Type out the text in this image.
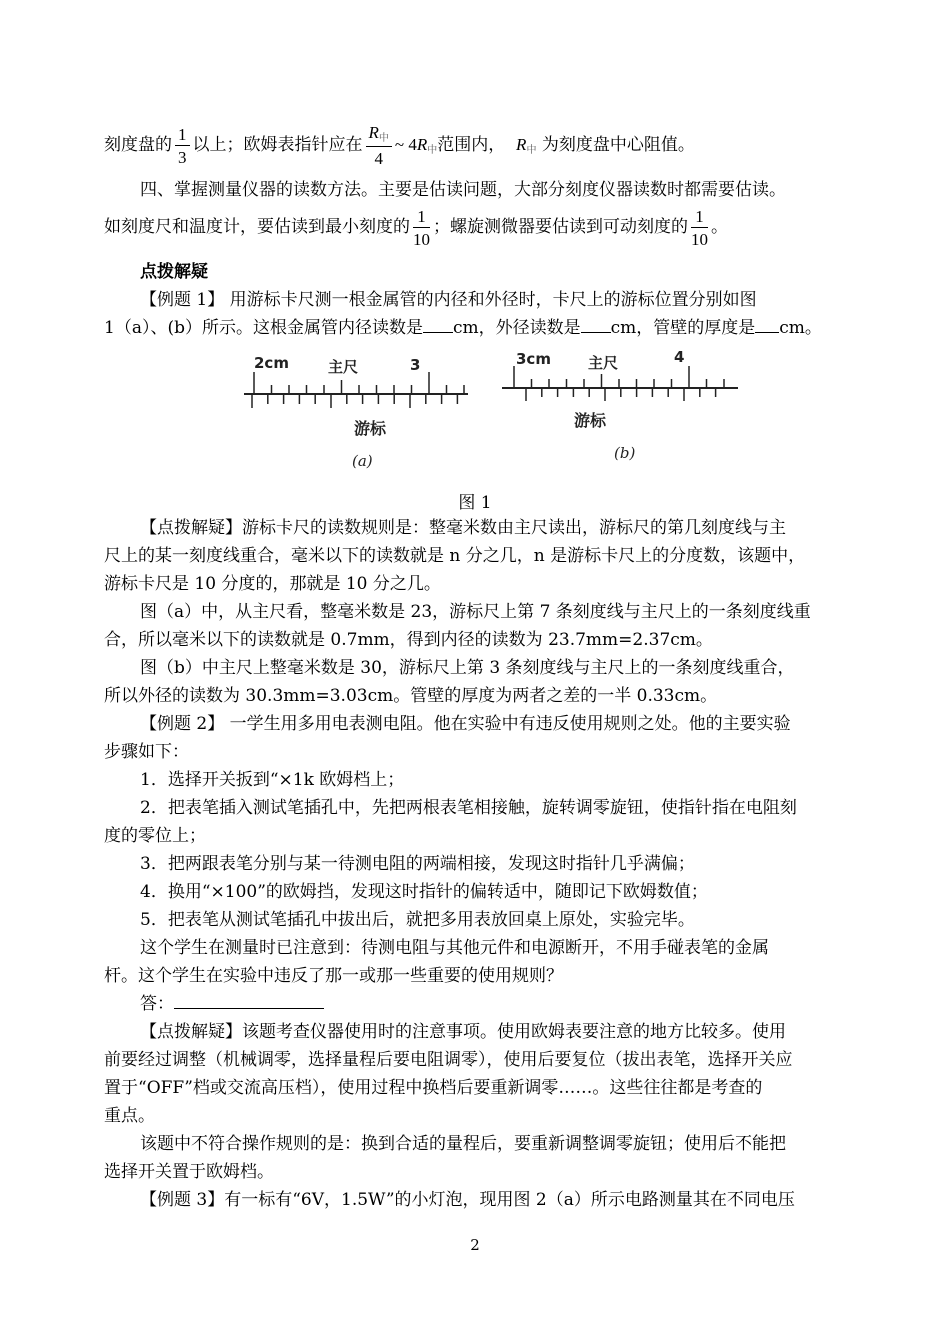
刻度盘的 $\frac{1}{3}$ 以上；欧姆表指针应在 $\frac{R_中}{4}$ ~ $4R_中$范围内， $R_中$ 为刻度盘中心阻值。
四、掌握测量仪器的读数方法。主要是估读问题，大部分刻度仪器读数时都需要估读。
如刻度尺和温度计，要估读到最小刻度的 $\frac{1}{10}$ ；螺旋测微器要估读到可动刻度的 $\frac{1}{10}$ 。
点拨解疑
【例题 1】 用游标卡尺测一根金属管的内径和外径时，卡尺上的游标位置分别如图
1（a）、(b）所示。这根金属管内径读数是 cm，外径读数是 cm，管壁的厚度是 cm。
2cm	主尺	3
游标
(a)
3cm 主尺	4
游标
(b)
图 1
【点拨解疑】游标卡尺的读数规则是：整毫米数由主尺读出，游标尺的第几刻度线与主
尺上的某一刻度线重合，毫米以下的读数就是 n 分之几，n 是游标卡尺上的分度数，该题中，
游标卡尺是 10 分度的，那就是 10 分之几。
图（a）中，从主尺看，整毫米数是 23，游标尺上第 7 条刻度线与主尺上的一条刻度线重
合，所以毫米以下的读数就是 0.7mm，得到内径的读数为 23.7mm=2.37cm。
图（b）中主尺上整毫米数是 30，游标尺上第 3 条刻度线与主尺上的一条刻度线重合，
所以外径的读数为 30.3mm=3.03cm。管壁的厚度为两者之差的一半 0.33cm。
【例题 2】 一学生用多用电表测电阻。他在实验中有违反使用规则之处。他的主要实验
步骤如下：
1．选择开关扳到“×1k 欧姆档上；
2．把表笔插入测试笔插孔中，先把两根表笔相接触，旋转调零旋钮，使指针指在电阻刻
度的零位上；
3．把两跟表笔分别与某一待测电阻的两端相接，发现这时指针几乎满偏；
4．换用“×100”的欧姆挡，发现这时指针的偏转适中，随即记下欧姆数值；
5．把表笔从测试笔插孔中拔出后，就把多用表放回桌上原处，实验完毕。
这个学生在测量时已注意到：待测电阻与其他元件和电源断开，不用手碰表笔的金属
杆。这个学生在实验中违反了那一或那一些重要的使用规则？
答：
【点拨解疑】该题考查仪器使用时的注意事项。使用欧姆表要注意的地方比较多。使用
前要经过调整（机械调零，选择量程后要电阻调零），使用后要复位（拔出表笔，选择开关应
置于“OFF”档或交流高压档），使用过程中换档后要重新调零……。这些往往都是考查的
重点。
该题中不符合操作规则的是：换到合适的量程后，要重新调整调零旋钮；使用后不能把
选择开关置于欧姆档。
【例题 3】有一标有“6V，1.5W”的小灯泡，现用图 2（a）所示电路测量其在不同电压
2
